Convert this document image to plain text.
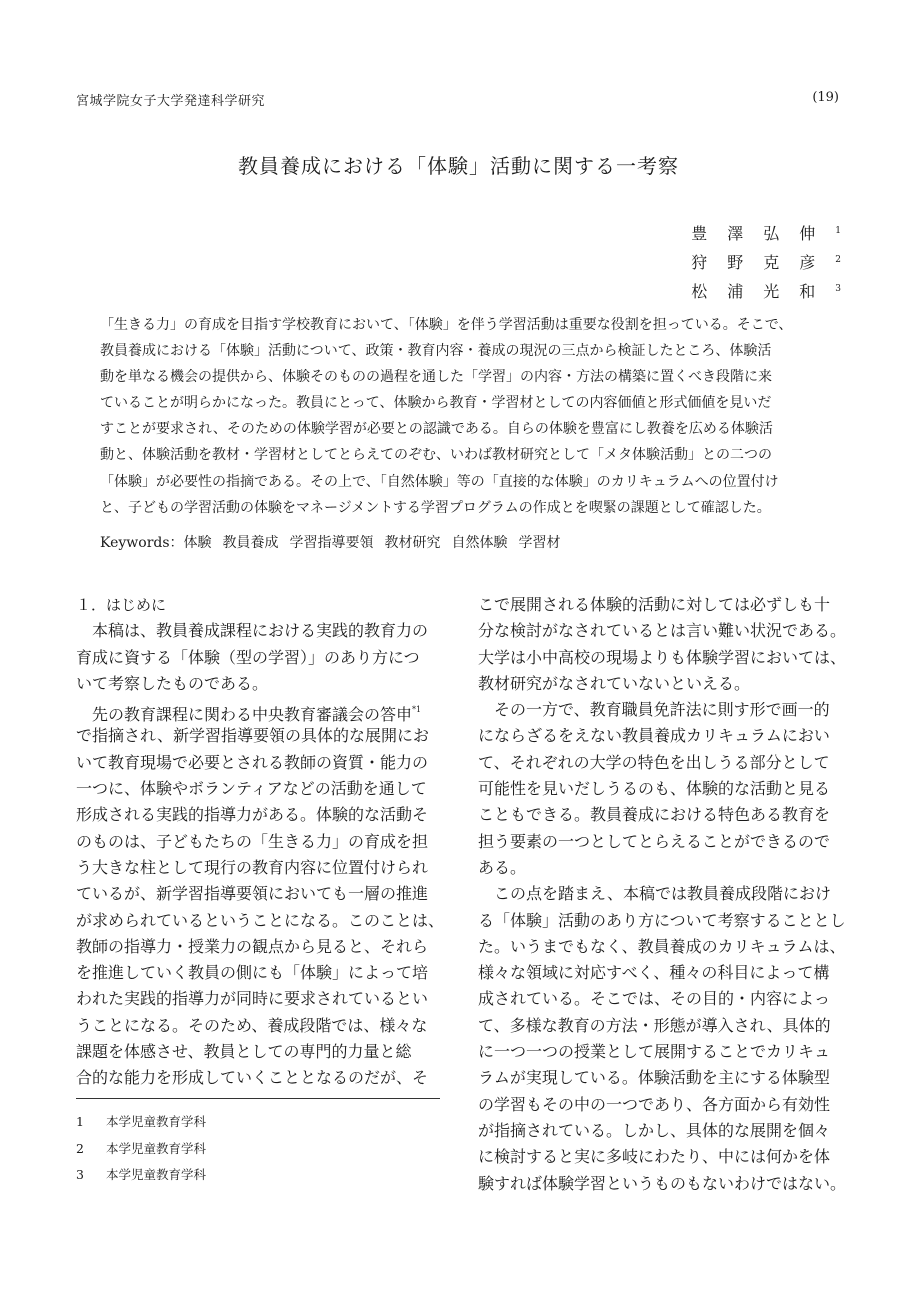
宮城学院女子大学発達科学研究	(19)
教員養成における「体験」活動に関する一考察
豊澤弘伸$^1$
狩野克彦$^2$
松浦光和$^3$
「生きる力」の育成を目指す学校教育において、「体験」を伴う学習活動は重要な役割を担っている。そこで、
教員養成における「体験」活動について、政策・教育内容・養成の現況の三点から検証したところ、体験活
動を単なる機会の提供から、体験そのものの過程を通した「学習」の内容・方法の構築に置くべき段階に来
ていることが明らかになった。教員にとって、体験から教育・学習材としての内容価値と形式価値を見いだ
すことが要求され、そのための体験学習が必要との認識である。自らの体験を豊富にし教養を広める体験活
動と、体験活動を教材・学習材としてとらえてのぞむ、いわば教材研究として「メタ体験活動」との二つの
「体験」が必要性の指摘である。その上で、「自然体験」等の「直接的な体験」のカリキュラムへの位置付け
と、子どもの学習活動の体験をマネージメントする学習プログラムの作成とを喫緊の課題として確認した。
Keywords：体験 教員養成 学習指導要領 教材研究 自然体験 学習材
１．はじめに
　本稿は、教員養成課程における実践的教育力の
育成に資する「体験（型の学習）」のあり方につ
いて考察したものである。
　先の教育課程に関わる中央教育審議会の答申$^{*1}$
で指摘され、新学習指導要領の具体的な展開にお
いて教育現場で必要とされる教師の資質・能力の
一つに、体験やボランティアなどの活動を通して
形成される実践的指導力がある。体験的な活動そ
のものは、子どもたちの「生きる力」の育成を担
う大きな柱として現行の教育内容に位置付けられ
ているが、新学習指導要領においても一層の推進
が求められているということになる。このことは、
教師の指導力・授業力の観点から見ると、それら
を推進していく教員の側にも「体験」によって培
われた実践的指導力が同時に要求されているとい
うことになる。そのため、養成段階では、様々な
課題を体感させ、教員としての専門的力量と総
合的な能力を形成していくこととなるのだが、そ
こで展開される体験的活動に対しては必ずしも十
分な検討がなされているとは言い難い状況である。
大学は小中高校の現場よりも体験学習においては、
教材研究がなされていないといえる。
　その一方で、教育職員免許法に則す形で画一的
にならざるをえない教員養成カリキュラムにおい
て、それぞれの大学の特色を出しうる部分として
可能性を見いだしうるのも、体験的な活動と見る
こともできる。教員養成における特色ある教育を
担う要素の一つとしてとらえることができるので
ある。
　この点を踏まえ、本稿では教員養成段階におけ
る「体験」活動のあり方について考察することとし
た。いうまでもなく、教員養成のカリキュラムは、
様々な領域に対応すべく、種々の科目によって構
成されている。そこでは、その目的・内容によっ
て、多様な教育の方法・形態が導入され、具体的
に一つ一つの授業として展開することでカリキュ
ラムが実現している。体験活動を主にする体験型
の学習もその中の一つであり、各方面から有効性
が指摘されている。しかし、具体的な展開を個々
に検討すると実に多岐にわたり、中には何かを体
験すれば体験学習というものもないわけではない。
1 本学児童教育学科
2 本学児童教育学科
3 本学児童教育学科
